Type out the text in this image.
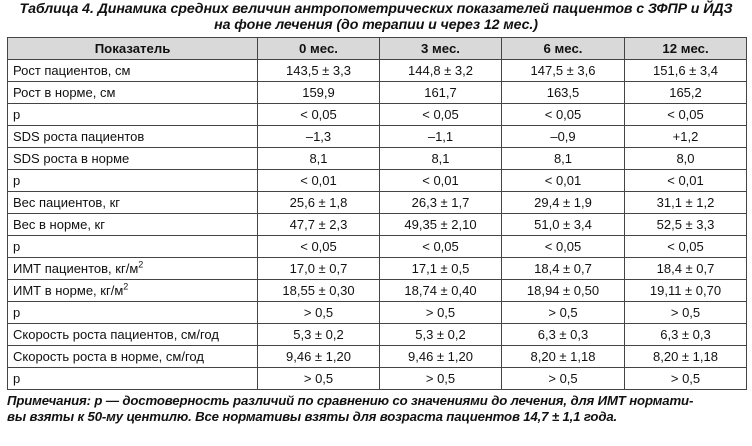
Таблица 4. Динамика средних величин антропометрических показателей пациентов с ЗФПР и ЙДЗ
на фоне лечения (до терапии и через 12 мес.)
Показатель	0 мес.	3 мес.	6 мес.	12 мес.
Рост пациентов, см	143,5 ± 3,3	144,8 ± 3,2	147,5 ± 3,6	151,6 ± 3,4
Рост в норме, см	159,9	161,7	163,5	165,2
p	< 0,05	< 0,05	< 0,05	< 0,05
SDS роста пациентов	–1,3	–1,1	–0,9	+1,2
SDS роста в норме	8,1	8,1	8,1	8,0
p	< 0,01	< 0,01	< 0,01	< 0,01
Вес пациентов, кг	25,6 ± 1,8	26,3 ± 1,7	29,4 ± 1,9	31,1 ± 1,2
Вес в норме, кг	47,7 ± 2,3	49,35 ± 2,10	51,0 ± 3,4	52,5 ± 3,3
p	< 0,05	< 0,05	< 0,05	< 0,05
ИМТ пациентов, $кг/м^2$	17,0 ± 0,7	17,1 ± 0,5	18,4 ± 0,7	18,4 ± 0,7
ИМТ в норме, $кг/м^2$	18,55 ± 0,30	18,74 ± 0,40	18,94 ± 0,50	19,11 ± 0,70
p	> 0,5	> 0,5	> 0,5	> 0,5
Скорость роста пациентов, см/год	5,3 ± 0,2	5,3 ± 0,2	6,3 ± 0,3	6,3 ± 0,3
Скорость роста в норме, см/год	9,46 ± 1,20	9,46 ± 1,20	8,20 ± 1,18	8,20 ± 1,18
p	> 0,5	> 0,5	> 0,5	> 0,5
Примечания: p — достоверность различий по сравнению со значениями до лечения, для ИМТ нормати-
вы взяты к 50-му центилю. Все нормативы взяты для возраста пациентов 14,7 ± 1,1 года.
